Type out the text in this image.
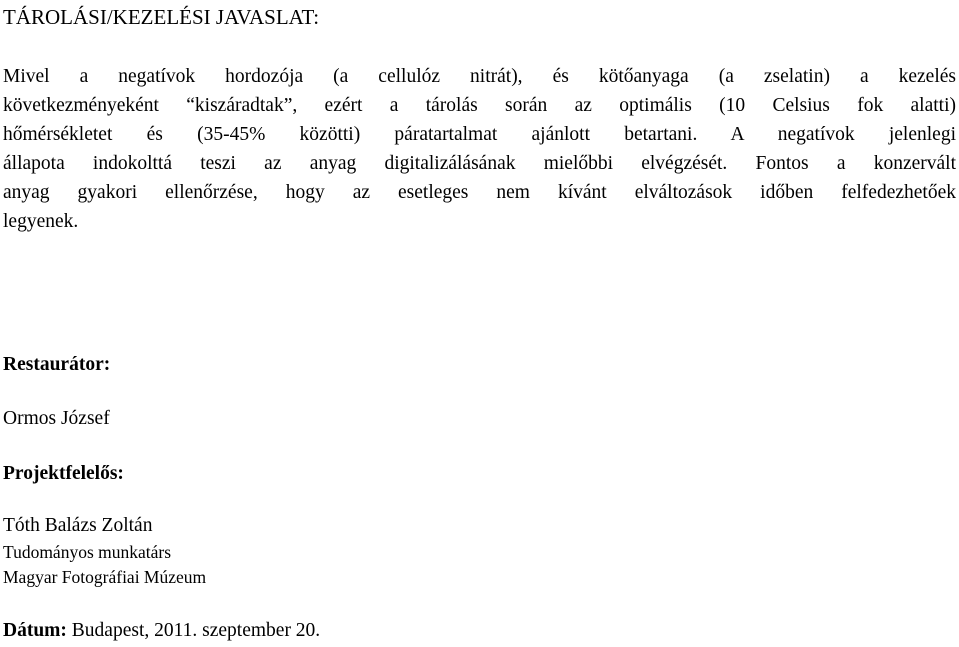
TÁROLÁSI/KEZELÉSI JAVASLAT:
Mivel a negatívok hordozója (a cellulóz nitrát), és kötőanyaga (a zselatin) a kezelés
következményeként “kiszáradtak”, ezért a tárolás során az optimális (10 Celsius fok alatti)
hőmérsékletet és (35-45% közötti) páratartalmat ajánlott betartani. A negatívok jelenlegi
állapota indokolttá teszi az anyag digitalizálásának mielőbbi elvégzését. Fontos a konzervált
anyag gyakori ellenőrzése, hogy az esetleges nem kívánt elváltozások időben felfedezhetőek
legyenek.
Restaurátor:
Ormos József
Projektfelelős:
Tóth Balázs Zoltán
Tudományos munkatárs
Magyar Fotográfiai Múzeum
Dátum: Budapest, 2011. szeptember 20.
